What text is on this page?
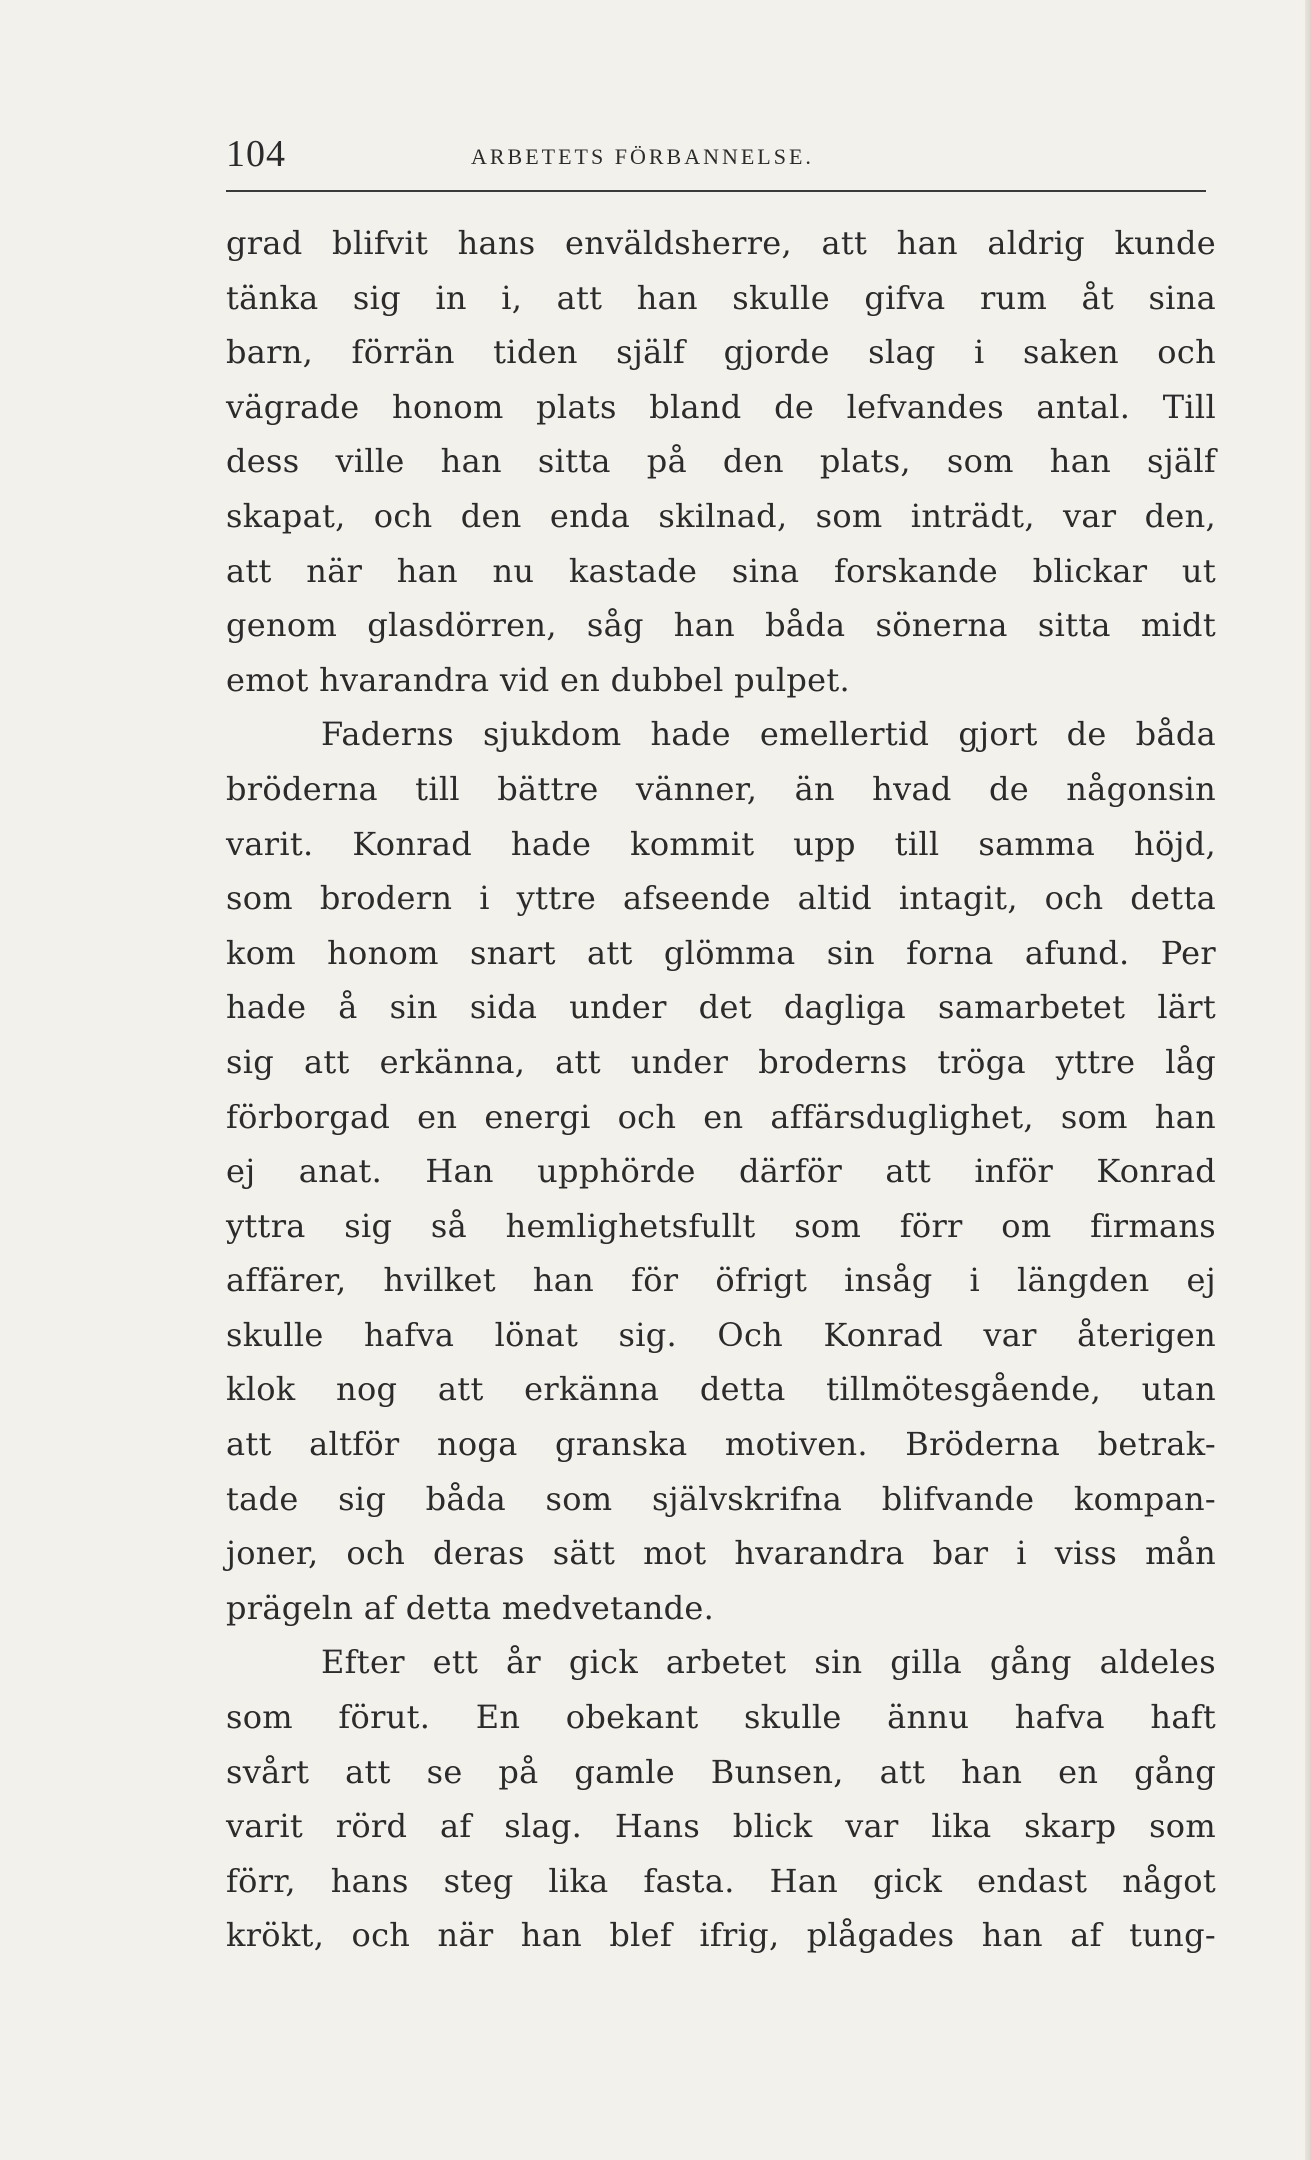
104	ARBETETS FÖRBANNELSE.
grad blifvit hans enväldsherre, att han aldrig kunde
tänka sig in i, att han skulle gifva rum åt sina
barn, förrän tiden själf gjorde slag i saken och
vägrade honom plats bland de lefvandes antal. Till
dess ville han sitta på den plats, som han själf
skapat, och den enda skilnad, som inträdt, var den,
att när han nu kastade sina forskande blickar ut
genom glasdörren, såg han båda sönerna sitta midt
emot hvarandra vid en dubbel pulpet.
Faderns sjukdom hade emellertid gjort de båda
bröderna till bättre vänner, än hvad de någonsin
varit. Konrad hade kommit upp till samma höjd,
som brodern i yttre afseende altid intagit, och detta
kom honom snart att glömma sin forna afund. Per
hade å sin sida under det dagliga samarbetet lärt
sig att erkänna, att under broderns tröga yttre låg
förborgad en energi och en affärsduglighet, som han
ej anat. Han upphörde därför att inför Konrad
yttra sig så hemlighetsfullt som förr om firmans
affärer, hvilket han för öfrigt insåg i längden ej
skulle hafva lönat sig. Och Konrad var återigen
klok nog att erkänna detta tillmötesgående, utan
att altför noga granska motiven. Bröderna betrak-
tade sig båda som självskrifna blifvande kompan-
joner, och deras sätt mot hvarandra bar i viss mån
prägeln af detta medvetande.
Efter ett år gick arbetet sin gilla gång aldeles
som förut. En obekant skulle ännu hafva haft
svårt att se på gamle Bunsen, att han en gång
varit rörd af slag. Hans blick var lika skarp som
förr, hans steg lika fasta. Han gick endast något
krökt, och när han blef ifrig, plågades han af tung-
